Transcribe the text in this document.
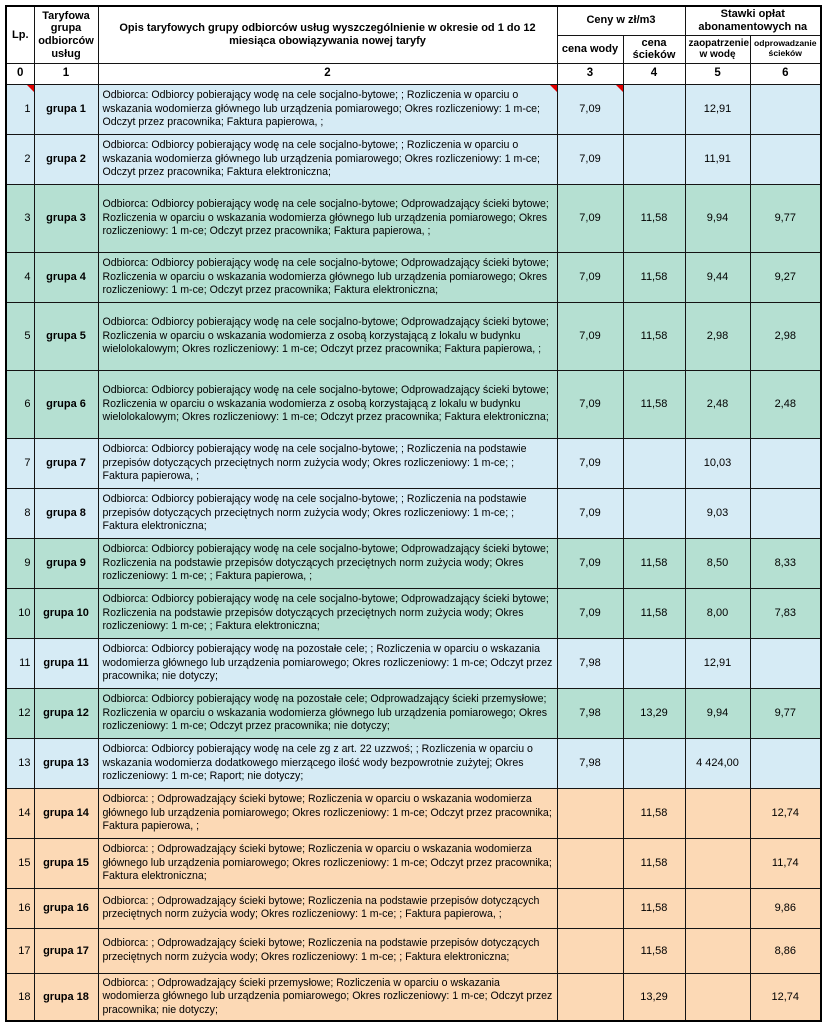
Lp.	Taryfowa grupa odbiorców usług	Opis taryfowych grupy odbiorców usług wyszczególnienie w okresie od 1 do 12 miesiąca obowiązywania nowej taryfy	Ceny w zł/m3		Stawki opłat abonamentowych na	
			cena wody	cena ścieków	zaopatrzenie w wodę	odprowadzanie ścieków
0	1	2	3	4	5	6
1	grupa 1	Odbiorca: Odbiorcy pobierający wodę na cele socjalno-bytowe; ; Rozliczenia w oparciu o wskazania wodomierza głównego lub urządzenia pomiarowego; Okres rozliczeniowy: 1 m-ce; Odczyt przez pracownika; Faktura papierowa, ;	7,09		12,91	
2	grupa 2	Odbiorca: Odbiorcy pobierający wodę na cele socjalno-bytowe; ; Rozliczenia w oparciu o wskazania wodomierza głównego lub urządzenia pomiarowego; Okres rozliczeniowy: 1 m-ce; Odczyt przez pracownika; Faktura elektroniczna;	7,09		11,91	
3	grupa 3	Odbiorca: Odbiorcy pobierający wodę na cele socjalno-bytowe; Odprowadzający ścieki bytowe; Rozliczenia w oparciu o wskazania wodomierza głównego lub urządzenia pomiarowego; Okres rozliczeniowy: 1 m-ce; Odczyt przez pracownika; Faktura papierowa, ;	7,09	11,58	9,94	9,77
4	grupa 4	Odbiorca: Odbiorcy pobierający wodę na cele socjalno-bytowe; Odprowadzający ścieki bytowe; Rozliczenia w oparciu o wskazania wodomierza głównego lub urządzenia pomiarowego; Okres rozliczeniowy: 1 m-ce; Odczyt przez pracownika; Faktura elektroniczna;	7,09	11,58	9,44	9,27
5	grupa 5	Odbiorca: Odbiorcy pobierający wodę na cele socjalno-bytowe; Odprowadzający ścieki bytowe; Rozliczenia w oparciu o wskazania wodomierza z osobą korzystającą z lokalu w budynku wielolokalowym; Okres rozliczeniowy: 1 m-ce; Odczyt przez pracownika; Faktura papierowa, ;	7,09	11,58	2,98	2,98
6	grupa 6	Odbiorca: Odbiorcy pobierający wodę na cele socjalno-bytowe; Odprowadzający ścieki bytowe; Rozliczenia w oparciu o wskazania wodomierza z osobą korzystającą z lokalu w budynku wielolokalowym; Okres rozliczeniowy: 1 m-ce; Odczyt przez pracownika; Faktura elektroniczna;	7,09	11,58	2,48	2,48
7	grupa 7	Odbiorca: Odbiorcy pobierający wodę na cele socjalno-bytowe; ; Rozliczenia na podstawie przepisów dotyczących przeciętnych norm zużycia wody; Okres rozliczeniowy: 1 m-ce; ; Faktura papierowa, ;	7,09		10,03	
8	grupa 8	Odbiorca: Odbiorcy pobierający wodę na cele socjalno-bytowe; ; Rozliczenia na podstawie przepisów dotyczących przeciętnych norm zużycia wody; Okres rozliczeniowy: 1 m-ce; ; Faktura elektroniczna;	7,09		9,03	
9	grupa 9	Odbiorca: Odbiorcy pobierający wodę na cele socjalno-bytowe; Odprowadzający ścieki bytowe; Rozliczenia na podstawie przepisów dotyczących przeciętnych norm zużycia wody; Okres rozliczeniowy: 1 m-ce; ; Faktura papierowa, ;	7,09	11,58	8,50	8,33
10	grupa 10	Odbiorca: Odbiorcy pobierający wodę na cele socjalno-bytowe; Odprowadzający ścieki bytowe; Rozliczenia na podstawie przepisów dotyczących przeciętnych norm zużycia wody; Okres rozliczeniowy: 1 m-ce; ; Faktura elektroniczna;	7,09	11,58	8,00	7,83
11	grupa 11	Odbiorca: Odbiorcy pobierający wodę na pozostałe cele; ; Rozliczenia w oparciu o wskazania wodomierza głównego lub urządzenia pomiarowego; Okres rozliczeniowy: 1 m-ce; Odczyt przez pracownika; nie dotyczy;	7,98		12,91	
12	grupa 12	Odbiorca: Odbiorcy pobierający wodę na pozostałe cele; Odprowadzający ścieki przemysłowe; Rozliczenia w oparciu o wskazania wodomierza głównego lub urządzenia pomiarowego; Okres rozliczeniowy: 1 m-ce; Odczyt przez pracownika; nie dotyczy;	7,98	13,29	9,94	9,77
13	grupa 13	Odbiorca: Odbiorcy pobierający wodę na cele zg z art. 22 uzzwoś; ; Rozliczenia w oparciu o wskazania wodomierza dodatkowego mierzącego ilość wody bezpowrotnie zużytej; Okres rozliczeniowy: 1 m-ce; Raport; nie dotyczy;	7,98		4 424,00	
14	grupa 14	Odbiorca: ; Odprowadzający ścieki bytowe; Rozliczenia w oparciu o wskazania wodomierza głównego lub urządzenia pomiarowego; Okres rozliczeniowy: 1 m-ce; Odczyt przez pracownika; Faktura papierowa, ;		11,58		12,74
15	grupa 15	Odbiorca: ; Odprowadzający ścieki bytowe; Rozliczenia w oparciu o wskazania wodomierza głównego lub urządzenia pomiarowego; Okres rozliczeniowy: 1 m-ce; Odczyt przez pracownika; Faktura elektroniczna;		11,58		11,74
16	grupa 16	Odbiorca: ; Odprowadzający ścieki bytowe; Rozliczenia na podstawie przepisów dotyczących przeciętnych norm zużycia wody; Okres rozliczeniowy: 1 m-ce; ; Faktura papierowa, ;		11,58		9,86
17	grupa 17	Odbiorca: ; Odprowadzający ścieki bytowe; Rozliczenia na podstawie przepisów dotyczących przeciętnych norm zużycia wody; Okres rozliczeniowy: 1 m-ce; ; Faktura elektroniczna;		11,58		8,86
18	grupa 18	Odbiorca: ; Odprowadzający ścieki przemysłowe; Rozliczenia w oparciu o wskazania wodomierza głównego lub urządzenia pomiarowego; Okres rozliczeniowy: 1 m-ce; Odczyt przez pracownika; nie dotyczy;		13,29		12,74
